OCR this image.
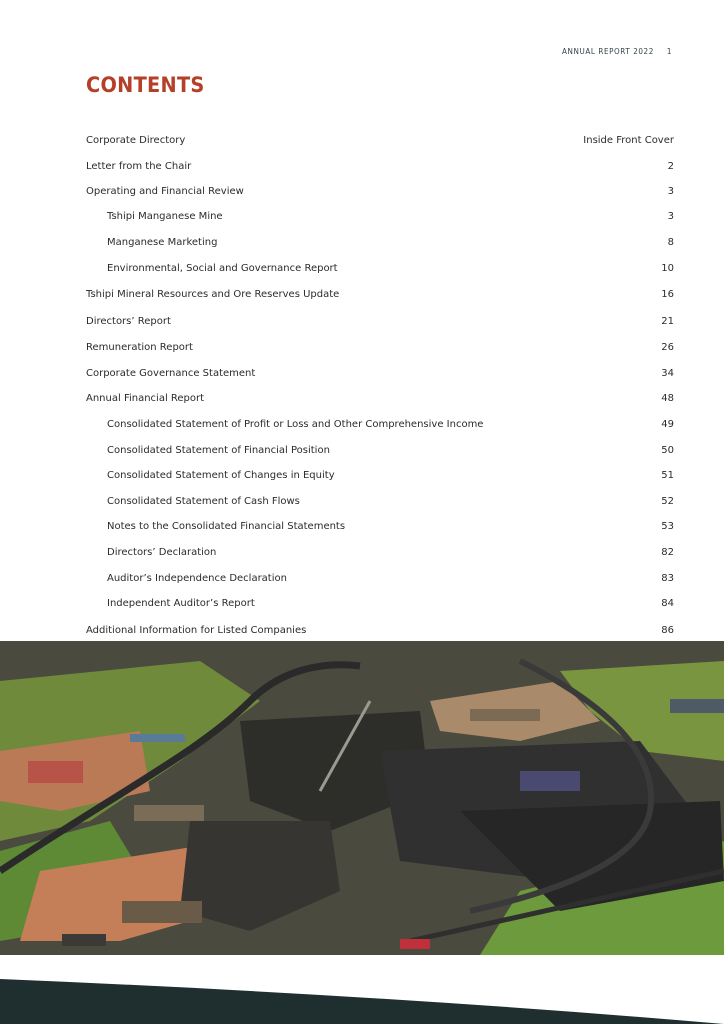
ANNUAL REPORT 2022 1
CONTENTS
Corporate Directory	Inside Front Cover
Letter from the Chair	2
Operating and Financial Review	3
Tshipi Manganese Mine	3
Manganese Marketing	8
Environmental, Social and Governance Report	10
Tshipi Mineral Resources and Ore Reserves Update	16
Directors’ Report	21
Remuneration Report	26
Corporate Governance Statement	34
Annual Financial Report	48
Consolidated Statement of Profit or Loss and Other Comprehensive Income	49
Consolidated Statement of Financial Position	50
Consolidated Statement of Changes in Equity	51
Consolidated Statement of Cash Flows	52
Notes to the Consolidated Financial Statements	53
Directors’ Declaration	82
Auditor’s Independence Declaration	83
Independent Auditor’s Report	84
Additional Information for Listed Companies	86
